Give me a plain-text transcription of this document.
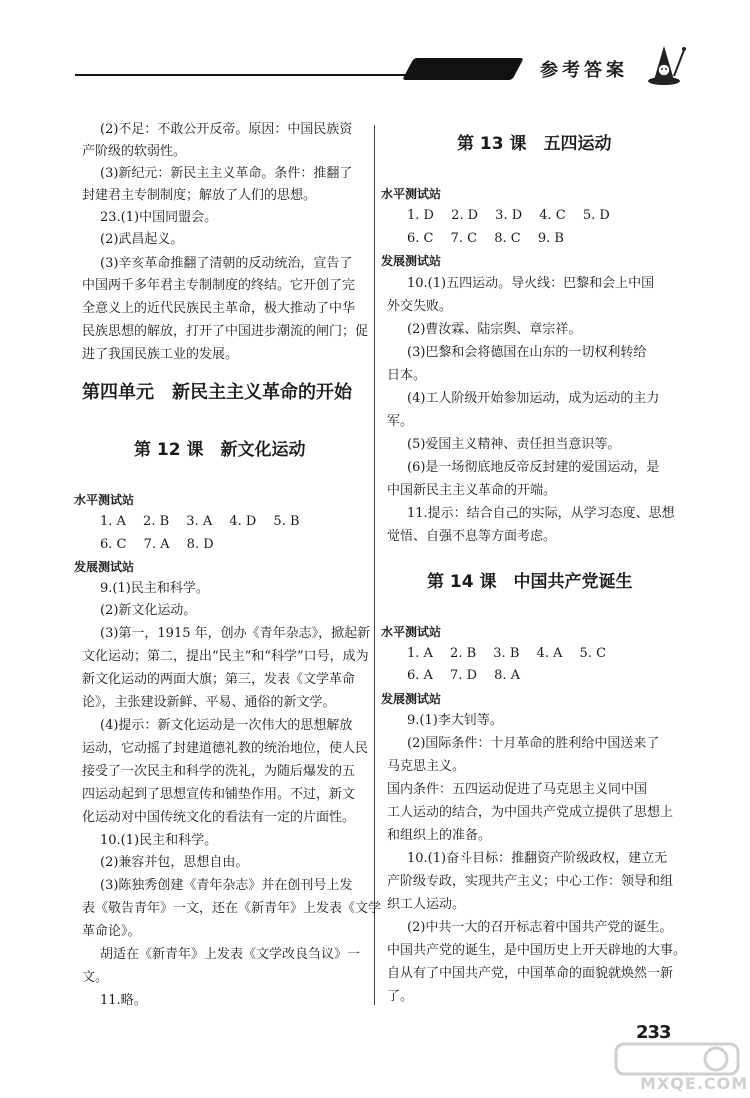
参考答案
(2)不足：不敢公开反帝。原因：中国民族资
产阶级的软弱性。
(3)新纪元：新民主主义革命。条件：推翻了
封建君主专制制度；解放了人们的思想。
23.(1)中国同盟会。
(2)武昌起义。
(3)辛亥革命推翻了清朝的反动统治，宣告了
中国两千多年君主专制制度的终结。它开创了完
全意义上的近代民族民主革命，极大推动了中华
民族思想的解放，打开了中国进步潮流的闸门；促
进了我国民族工业的发展。
第四单元　新民主主义革命的开始
第 12 课　新文化运动
水平测试站
1. A　 2. B　 3. A　 4. D　 5. B
6. C　 7. A　 8. D
发展测试站
9.(1)民主和科学。
(2)新文化运动。
(3)第一，1915 年，创办《青年杂志》，掀起新
文化运动；第二，提出“民主”和“科学”口号，成为
新文化运动的两面大旗；第三，发表《文学革命
论》，主张建设新鲜、平易、通俗的新文学。
(4)提示：新文化运动是一次伟大的思想解放
运动，它动摇了封建道德礼教的统治地位，使人民
接受了一次民主和科学的洗礼，为随后爆发的五
四运动起到了思想宣传和铺垫作用。不过，新文
化运动对中国传统文化的看法有一定的片面性。
10.(1)民主和科学。
(2)兼容并包，思想自由。
(3)陈独秀创建《青年杂志》并在创刊号上发
表《敬告青年》一文，还在《新青年》上发表《文学
革命论》。
胡适在《新青年》上发表《文学改良刍议》一
文。
11.略。
第 13 课　五四运动
水平测试站
1. D　 2. D　 3. D　 4. C　 5. D
6. C　 7. C　 8. C　 9. B
发展测试站
10.(1)五四运动。导火线：巴黎和会上中国
外交失败。
(2)曹汝霖、陆宗舆、章宗祥。
(3)巴黎和会将德国在山东的一切权利转给
日本。
(4)工人阶级开始参加运动，成为运动的主力
军。
(5)爱国主义精神、责任担当意识等。
(6)是一场彻底地反帝反封建的爱国运动，是
中国新民主主义革命的开端。
11.提示：结合自己的实际，从学习态度、思想
觉悟、自强不息等方面考虑。
第 14 课　中国共产党诞生
水平测试站
1. A　 2. B　 3. B　 4. A　 5. C
6. A　 7. D　 8. A
发展测试站
9.(1)李大钊等。
(2)国际条件：十月革命的胜利给中国送来了
马克思主义。
国内条件：五四运动促进了马克思主义同中国
工人运动的结合，为中国共产党成立提供了思想上
和组织上的准备。
10.(1)奋斗目标：推翻资产阶级政权，建立无
产阶级专政，实现共产主义；中心工作：领导和组
织工人运动。
(2)中共一大的召开标志着中国共产党的诞生。
中国共产党的诞生，是中国历史上开天辟地的大事。
自从有了中国共产党，中国革命的面貌就焕然一新
了。
233
MXQE.COM
